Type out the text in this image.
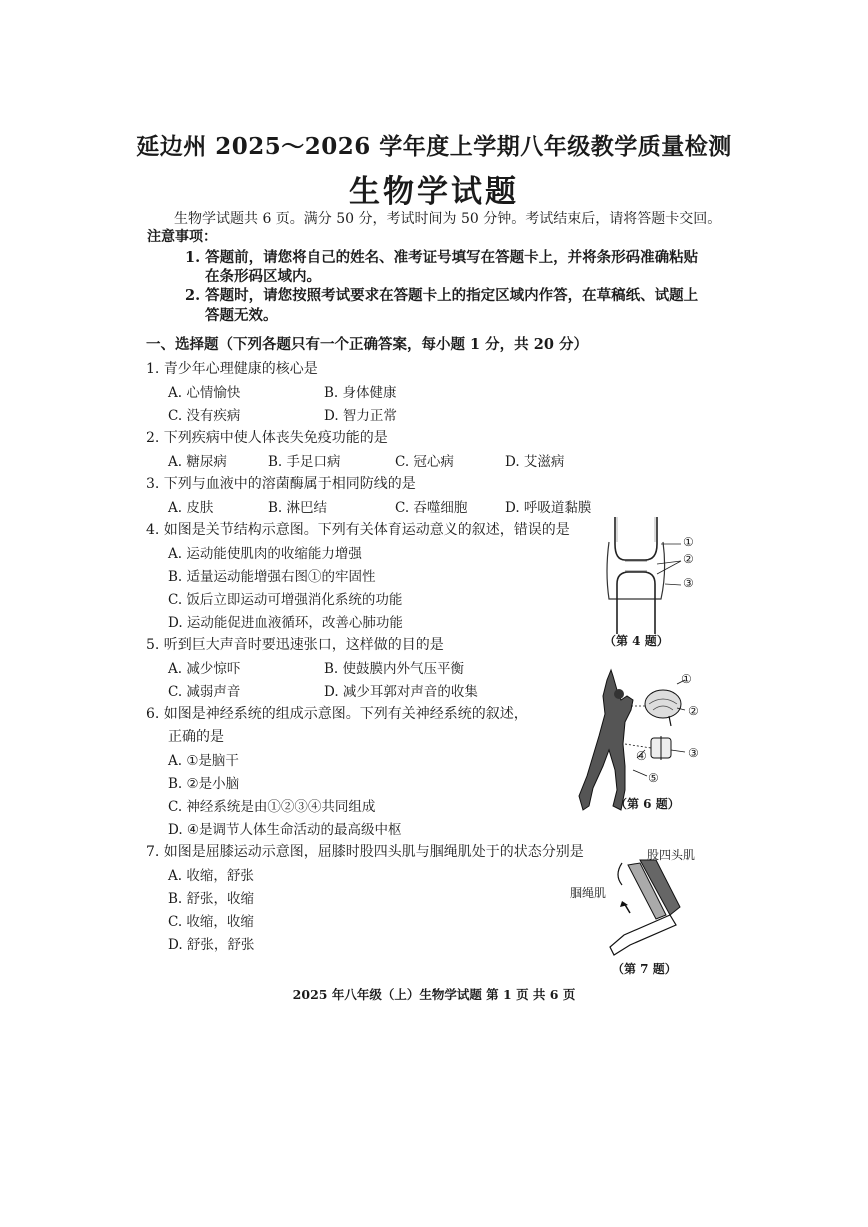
延边州 2025～2026 学年度上学期八年级教学质量检测
生物学试题
生物学试题共 6 页。满分 50 分，考试时间为 50 分钟。考试结束后，请将答题卡交回。
注意事项：
1. 答题前，请您将自己的姓名、准考证号填写在答题卡上，并将条形码准确粘贴
在条形码区域内。
2. 答题时，请您按照考试要求在答题卡上的指定区域内作答，在草稿纸、试题上
答题无效。
一、选择题（下列各题只有一个正确答案，每小题 1 分，共 20 分）
1. 青少年心理健康的核心是
A. 心情愉快	B. 身体健康
C. 没有疾病	D. 智力正常
2. 下列疾病中使人体丧失免疫功能的是
A. 糖尿病	B. 手足口病	C. 冠心病	D. 艾滋病
3. 下列与血液中的溶菌酶属于相同防线的是
A. 皮肤	B. 淋巴结	C. 吞噬细胞	D. 呼吸道黏膜
4. 如图是关节结构示意图。下列有关体育运动意义的叙述，错误的是
A. 运动能使肌肉的收缩能力增强
B. 适量运动能增强右图①的牢固性
C. 饭后立即运动可增强消化系统的功能
D. 运动能促进血液循环，改善心肺功能
5. 听到巨大声音时要迅速张口，这样做的目的是
A. 减少惊吓	B. 使鼓膜内外气压平衡
C. 减弱声音	D. 减少耳郭对声音的收集
6. 如图是神经系统的组成示意图。下列有关神经系统的叙述，
正确的是
A. ①是脑干
B. ②是小脑
C. 神经系统是由①②③④共同组成
D. ④是调节人体生命活动的最高级中枢
7. 如图是屈膝运动示意图，屈膝时股四头肌与腘绳肌处于的状态分别是
A. 收缩，舒张
B. 舒张，收缩
C. 收缩，收缩
D. 舒张，舒张
①
②
③
（第 4 题）
①
②
③
④
⑤
（第 6 题）
股四头肌
腘绳肌
（第 7 题）
2025 年八年级（上）生物学试题 第 1 页 共 6 页
